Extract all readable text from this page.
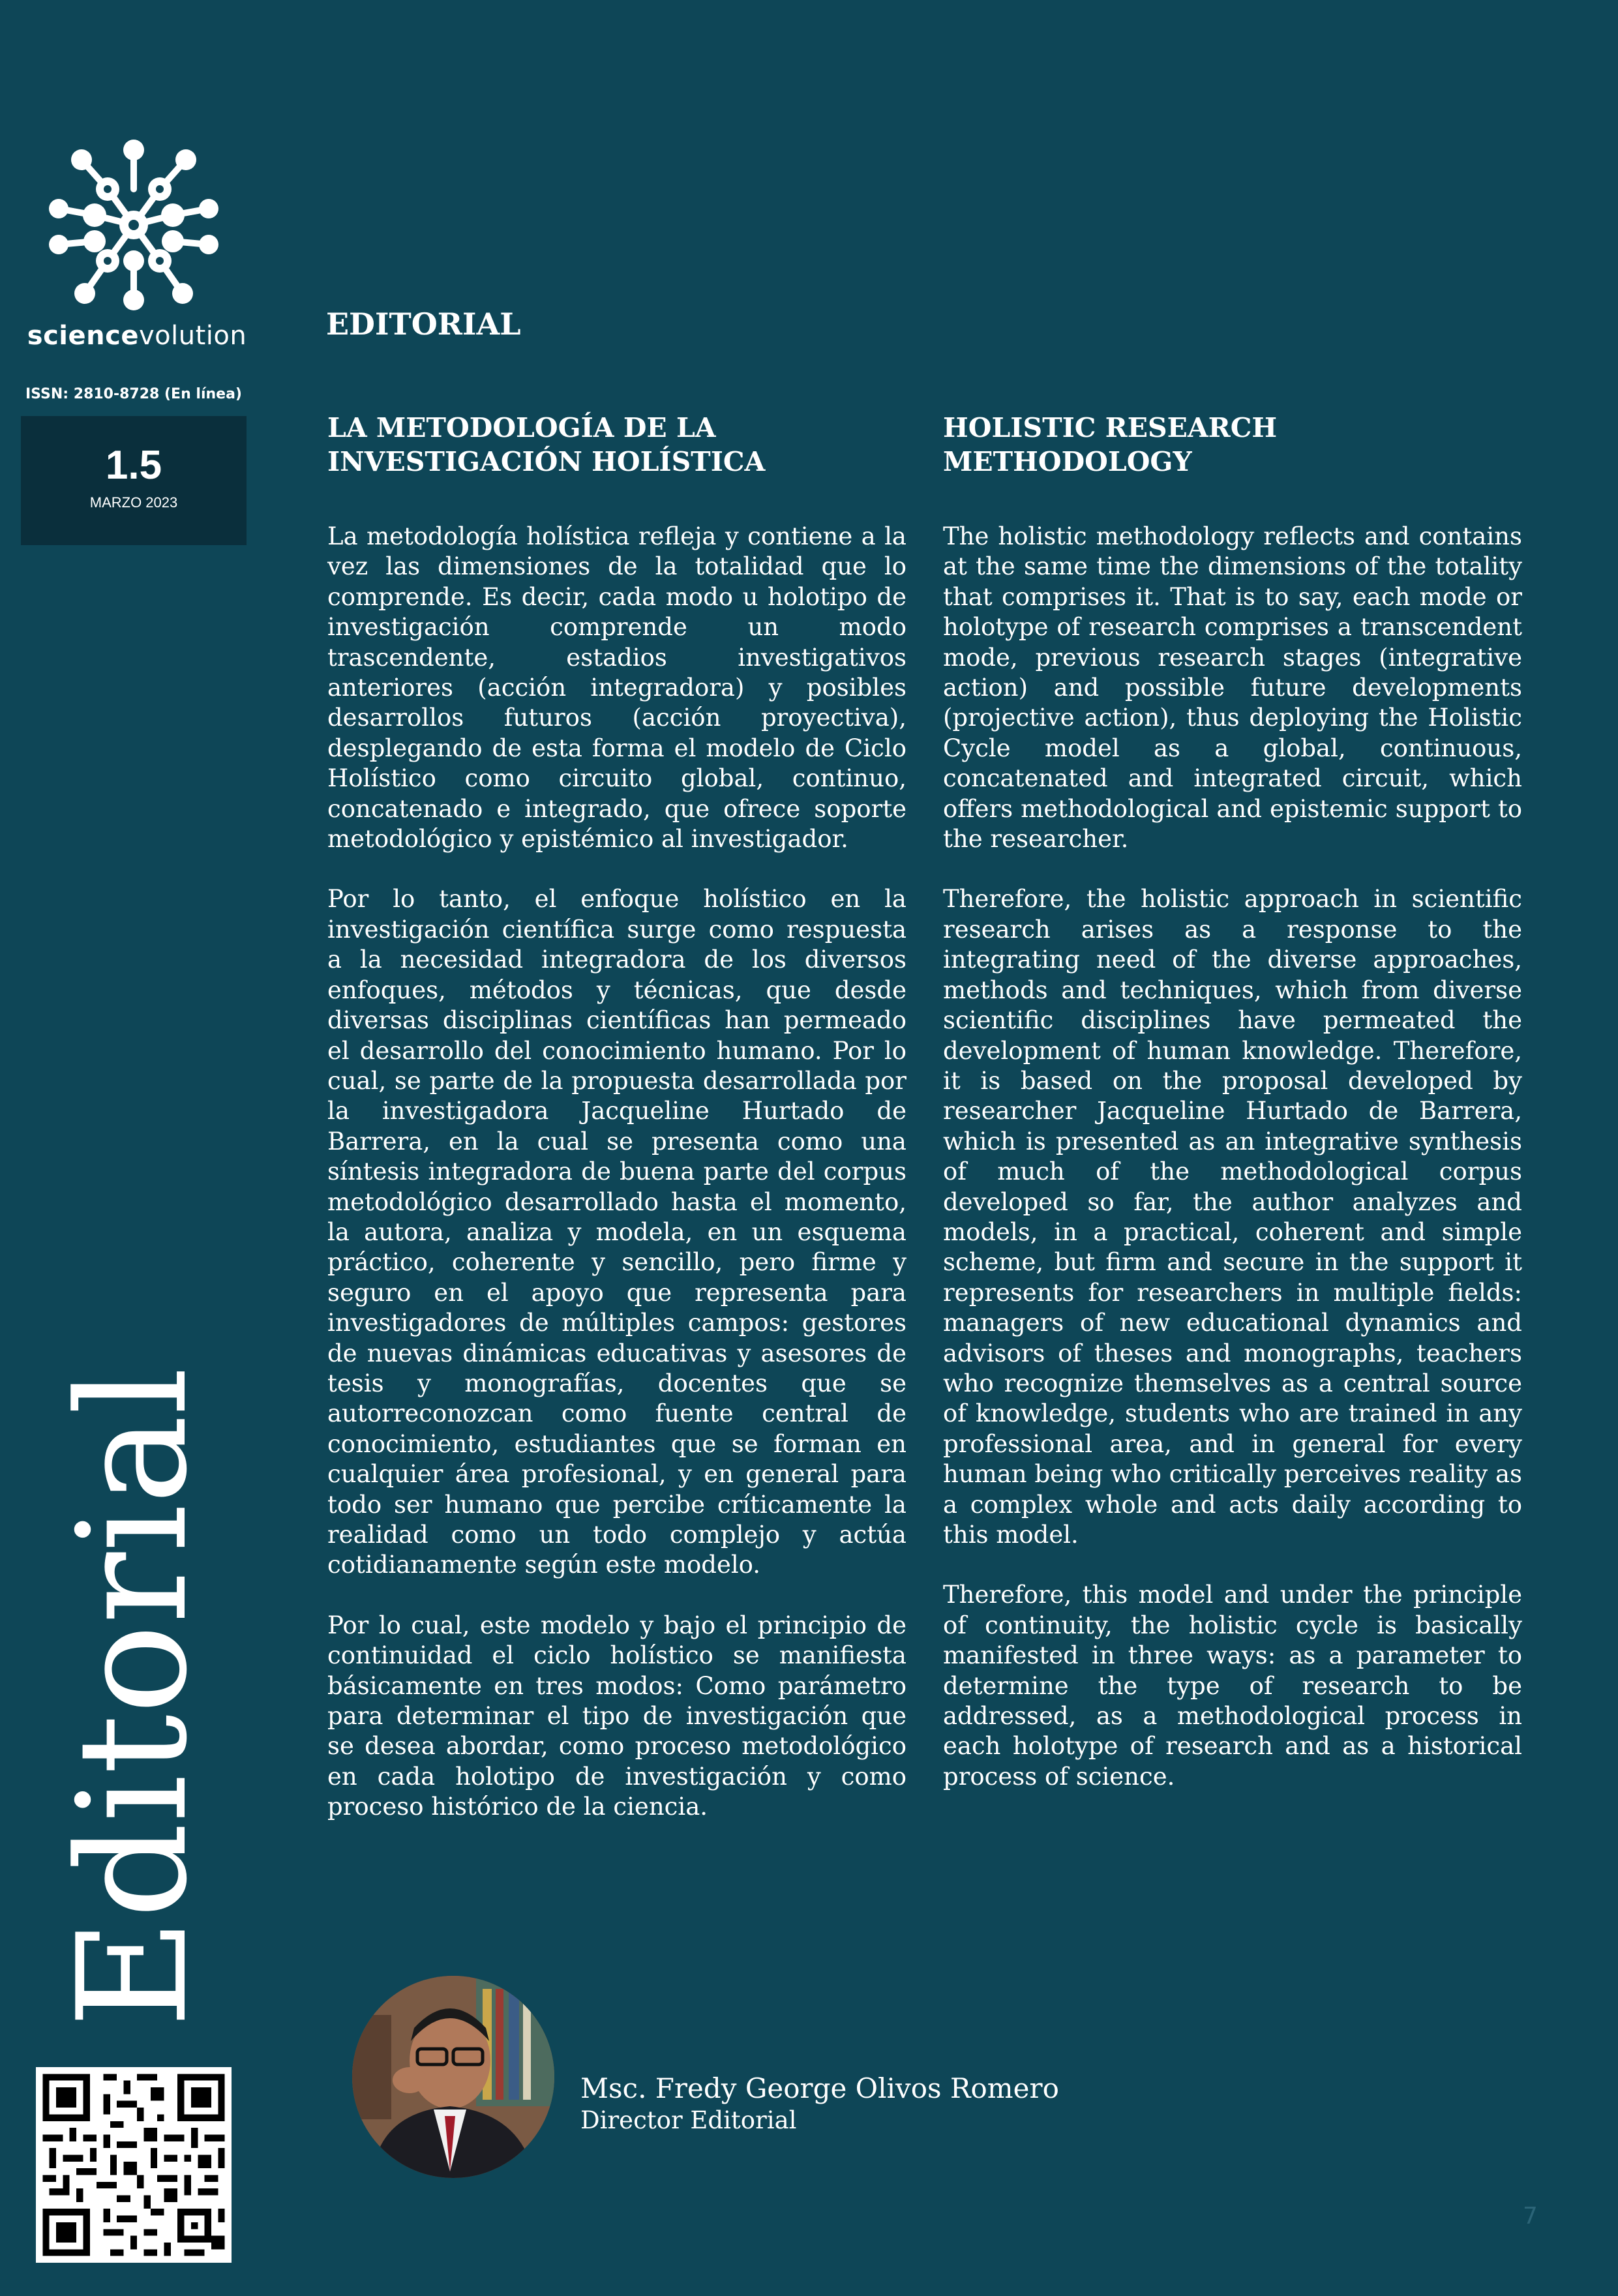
sciencevolution
ISSN: 2810-8728 (En línea)
1.5
MARZO 2023
Editorial
EDITORIAL
LA METODOLOGÍA DE LA INVESTIGACIÓN HOLÍSTICA

La metodología holística refleja y contiene a la vez las dimensiones de la totalidad que lo comprende. Es decir, cada modo u holotipo de investigación comprende un modo trascendente, estadios investigativos anteriores (acción integradora) y posibles desarrollos futuros (acción proyectiva), desplegando de esta forma el modelo de Ciclo Holístico como circuito global, continuo, concatenado e integrado, que ofrece soporte metodológico y epistémico al investigador.

Por lo tanto, el enfoque holístico en la investigación científica surge como respuesta a la necesidad integradora de los diversos enfoques, métodos y técnicas, que desde diversas disciplinas científicas han permeado el desarrollo del conocimiento humano. Por lo cual, se parte de la propuesta desarrollada por la investigadora Jacqueline Hurtado de Barrera, en la cual se presenta como una síntesis integradora de buena parte del corpus metodológico desarrollado hasta el momento, la autora, analiza y modela, en un esquema práctico, coherente y sencillo, pero firme y seguro en el apoyo que representa para investigadores de múltiples campos: gestores de nuevas dinámicas educativas y asesores de tesis y monografías, docentes que se autorreconozcan como fuente central de conocimiento, estudiantes que se forman en cualquier área profesional, y en general para todo ser humano que percibe críticamente la realidad como un todo complejo y actúa cotidianamente según este modelo.

Por lo cual, este modelo y bajo el principio de continuidad el ciclo holístico se manifiesta básicamente en tres modos: Como parámetro para determinar el tipo de investigación que se desea abordar, como proceso metodológico en cada holotipo de investigación y como proceso histórico de la ciencia.

HOLISTIC RESEARCH METHODOLOGY

The holistic methodology reflects and contains at the same time the dimensions of the totality that comprises it. That is to say, each mode or holotype of research comprises a transcendent mode, previous research stages (integrative action) and possible future developments (projective action), thus deploying the Holistic Cycle model as a global, continuous, concatenated and integrated circuit, which offers methodological and epistemic support to the researcher.

Therefore, the holistic approach in scientific research arises as a response to the integrating need of the diverse approaches, methods and techniques, which from diverse scientific disciplines have permeated the development of human knowledge. Therefore, it is based on the proposal developed by researcher Jacqueline Hurtado de Barrera, which is presented as an integrative synthesis of much of the methodological corpus developed so far, the author analyzes and models, in a practical, coherent and simple scheme, but firm and secure in the support it represents for researchers in multiple fields: managers of new educational dynamics and advisors of theses and monographs, teachers who recognize themselves as a central source of knowledge, students who are trained in any professional area, and in general for every human being who critically perceives reality as a complex whole and acts daily according to this model.

Therefore, this model and under the principle of continuity, the holistic cycle is basically manifested in three ways: as a parameter to determine the type of research to be addressed, as a methodological process in each holotype of research and as a historical process of science.

Msc. Fredy George Olivos Romero
Director Editorial
7
